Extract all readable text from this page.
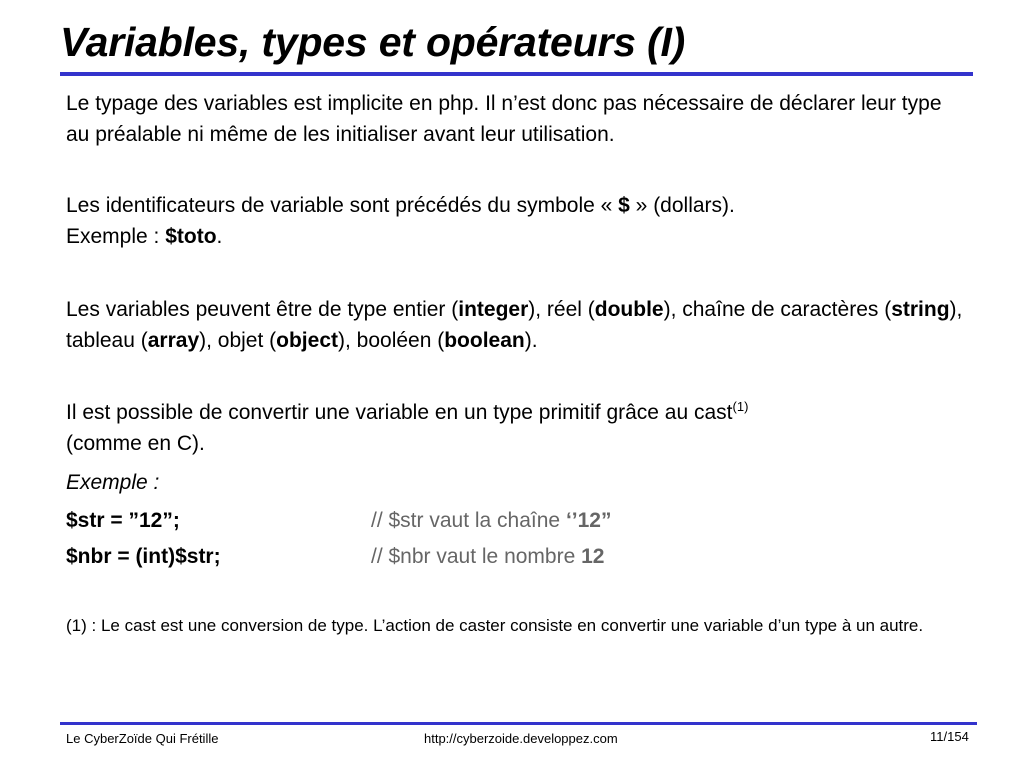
Variables, types et opérateurs (I)
Le typage des variables est implicite en php. Il n’est donc pas nécessaire de déclarer leur type au préalable ni même de les initialiser avant leur utilisation.
Les identificateurs de variable sont précédés du symbole « $ » (dollars).
Exemple : $toto.
Les variables peuvent être de type entier (integer), réel (double), chaîne de caractères (string), tableau (array), objet (object), booléen (boolean).
Il est possible de convertir une variable en un type primitif grâce au cast$^{(1)}$
(comme en C).
Exemple :
$str = ”12”;	// $str vaut la chaîne ‘’12”
$nbr = (int)$str;	// $nbr vaut le nombre 12
(1) : Le cast est une conversion de type. L’action de caster consiste en convertir une variable d’un type à un autre.
Le CyberZoïde Qui Frétille	http://cyberzoide.developpez.com	11/154
